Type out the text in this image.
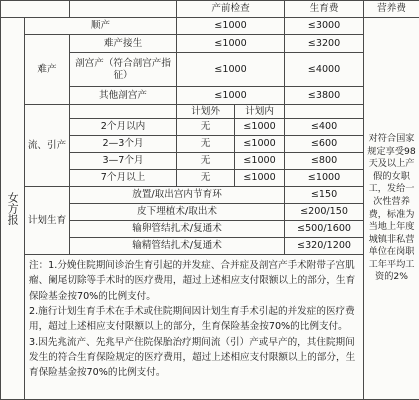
			产前检查		生育费	营养费
女方报	顺产		≤1000		≤3000	对符合国家规定享受98天及以上产假的女职工，发给一次性营养费，标准为当地上年度城镇非私营单位在岗职工年平均工资的2%
	难产	难产接生	≤1000		≤3200	
		剖宫产（符合剖宫产指征）	≤1000		≤4000	
		其他剖宫产	≤1000		≤3800	
	流、引产		计划外	计划内		
		2个月以内	无	≤1000	≤400	
		2—3个月	无	≤1000	≤600	
		3—7个月	无	≤1000	≤800	
		7个月以上	无	≤1000	≤1000	
	计划生育	放置/取出宫内节育环			≤150	
		皮下埋植术/取出术			≤200/150	
		输卵管结扎术/复通术			≤500/1600	
		输精管结扎术/复通术			≤320/1200	

	注：1.分娩住院期间诊治生育引起的并发症、合并症及剖宫产手术附带子宫肌瘤、阑尾切除等手术时的医疗费用，超过上述相应支付限额以上的部分，生育保险基金按70%的比例支付。

2.施行计划生育手术在手术或住院期间因计划生育手术引起的并发症的医疗费用，超过上述相应支付限额以上的部分，生育保险基金按70%的比例支付。

3.因先兆流产、先兆早产住院保胎治疗期间流（引）产或早产的，其住院期间发生的符合生育保险规定的医疗费用，超过上述相应支付限额以上的部分，生育保险基金按70%的比例支付。					
